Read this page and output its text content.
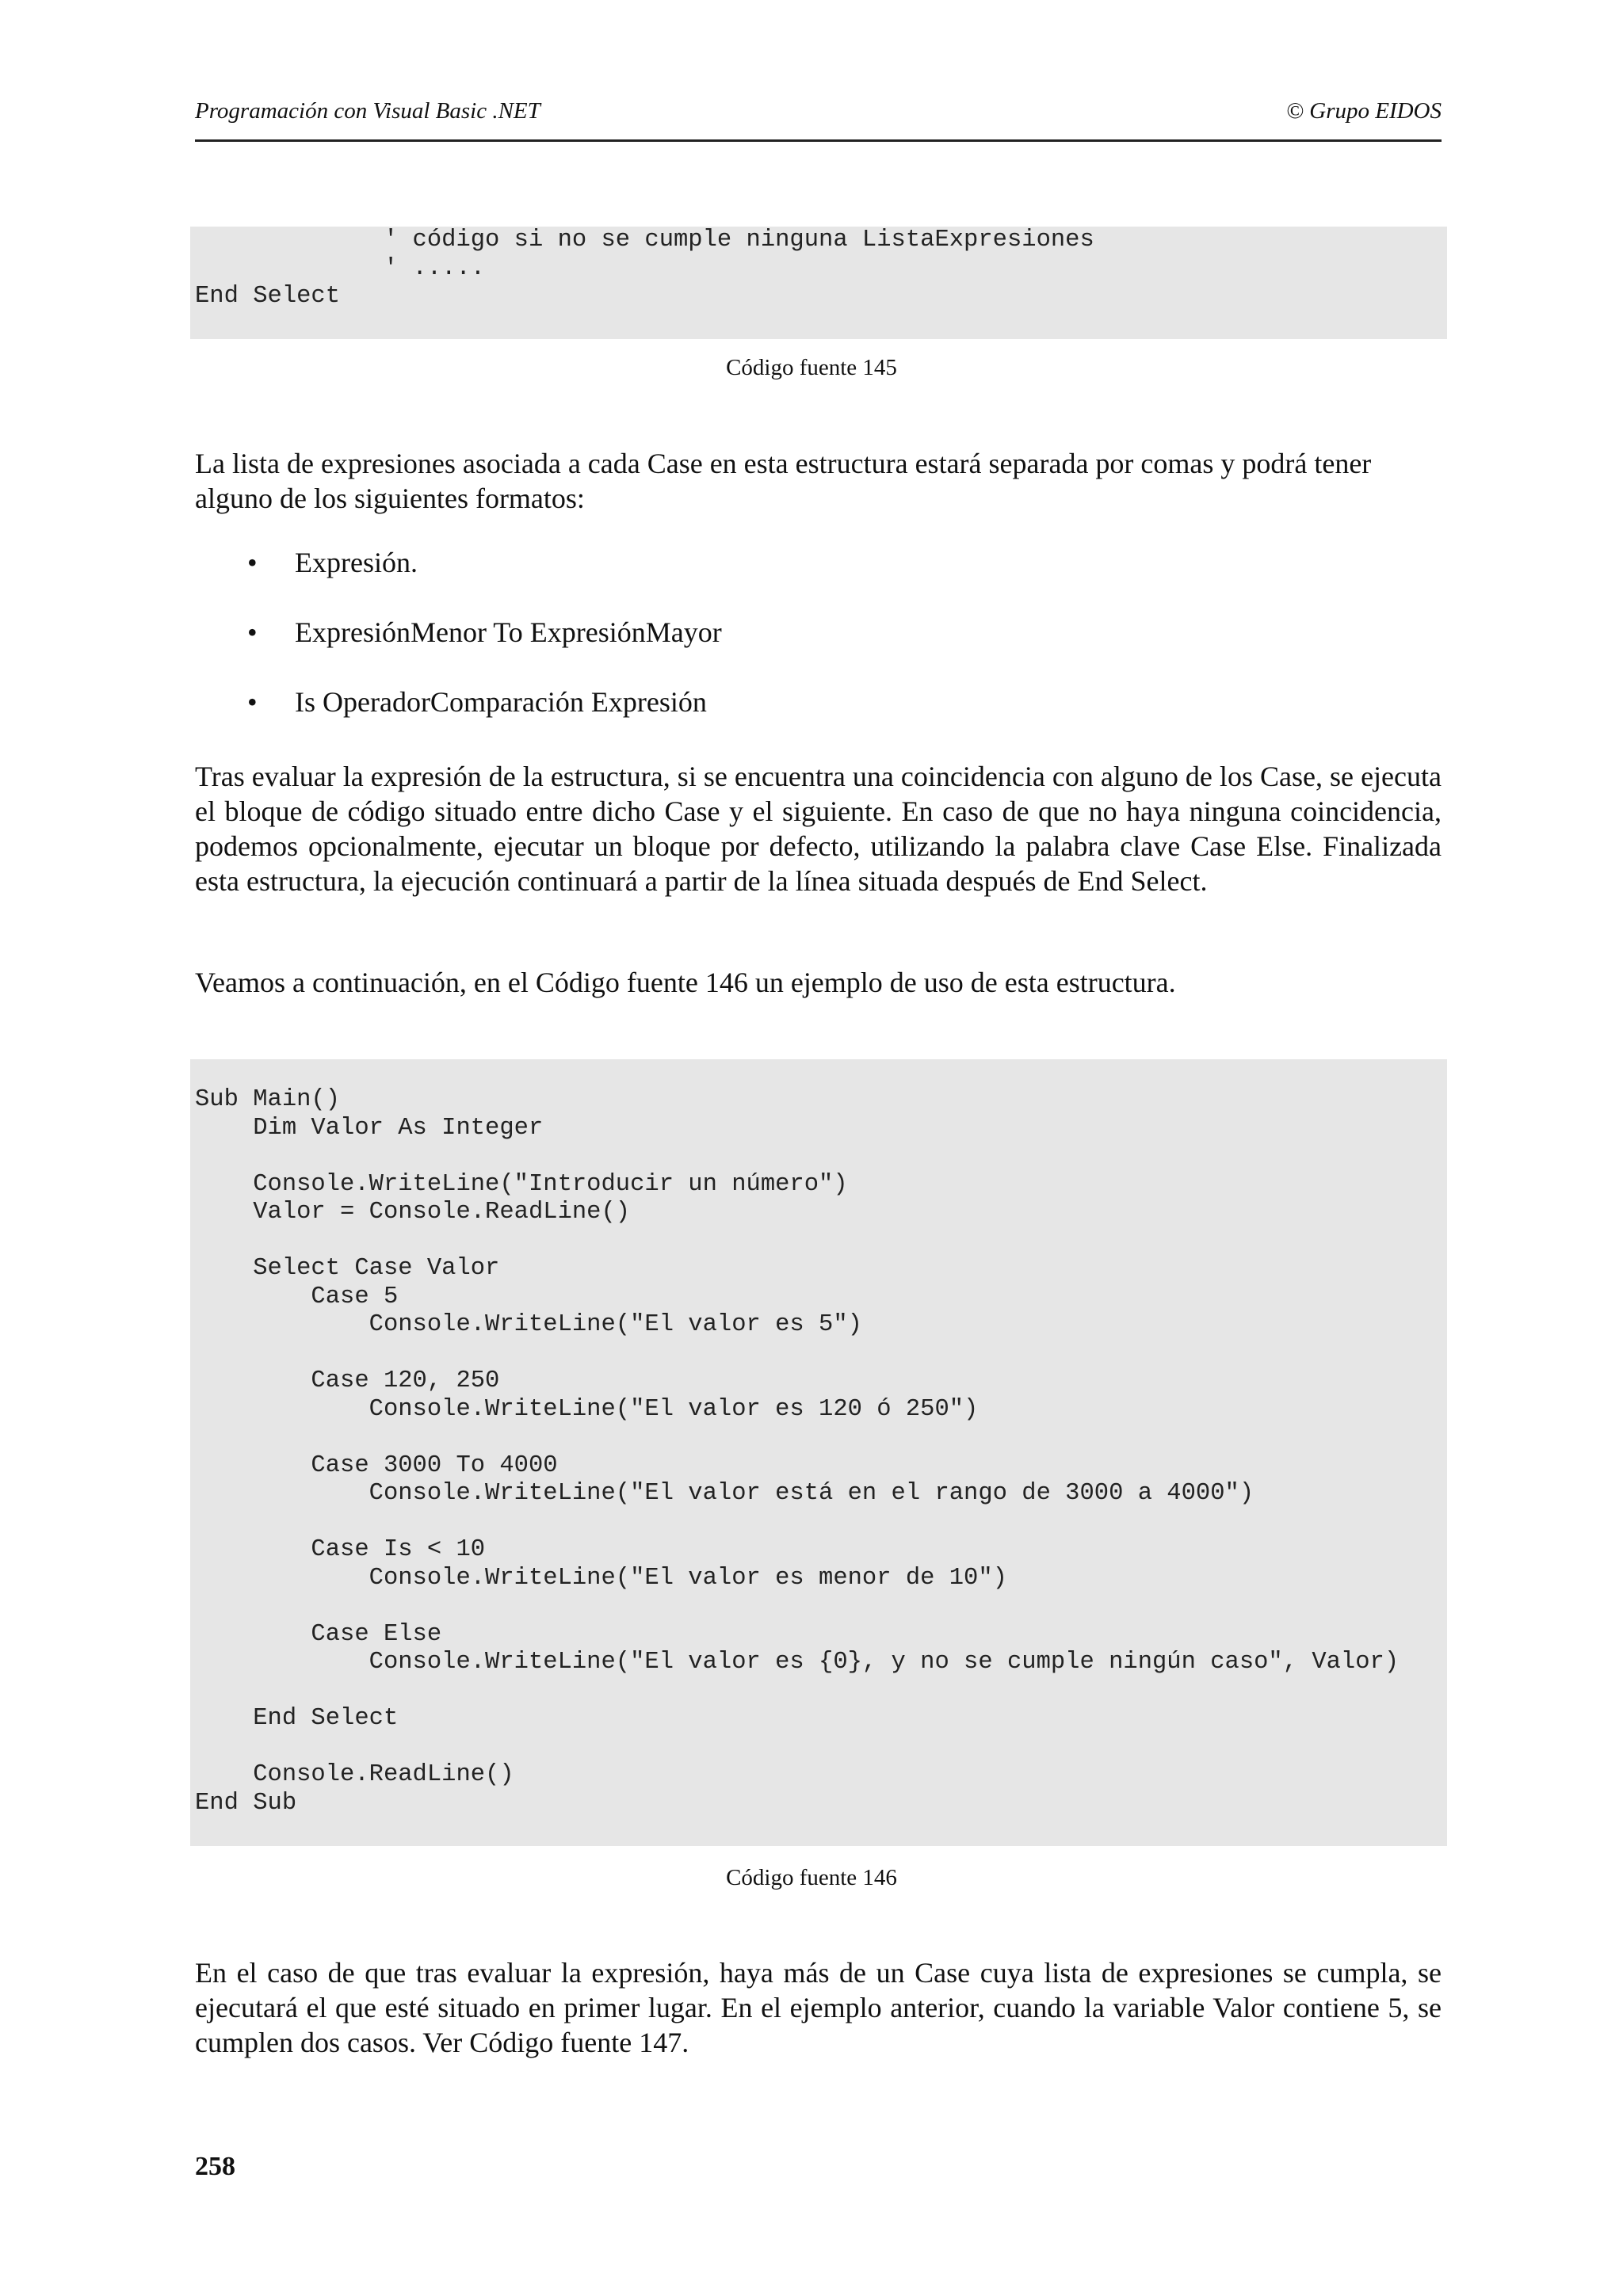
Programación con Visual Basic .NET	© Grupo EIDOS
' código si no se cumple ninguna ListaExpresiones
' .....
End Select
Código fuente 145

La lista de expresiones asociada a cada Case en esta estructura estará separada por comas y podrá tener alguno de los siguientes formatos:

• Expresión.
• ExpresiónMenor To ExpresiónMayor
• Is OperadorComparación Expresión

Tras evaluar la expresión de la estructura, si se encuentra una coincidencia con alguno de los Case, se ejecuta el bloque de código situado entre dicho Case y el siguiente. En caso de que no haya ninguna coincidencia, podemos opcionalmente, ejecutar un bloque por defecto, utilizando la palabra clave Case Else. Finalizada esta estructura, la ejecución continuará a partir de la línea situada después de End Select.

Veamos a continuación, en el Código fuente 146 un ejemplo de uso de esta estructura.

Sub Main()
Dim Valor As Integer

Console.WriteLine("Introducir un número")
Valor = Console.ReadLine()

Select Case Valor
Case 5
Console.WriteLine("El valor es 5")

Case 120, 250
Console.WriteLine("El valor es 120 ó 250")

Case 3000 To 4000
Console.WriteLine("El valor está en el rango de 3000 a 4000")

Case Is < 10
Console.WriteLine("El valor es menor de 10")

Case Else
Console.WriteLine("El valor es {0}, y no se cumple ningún caso", Valor)

End Select

Console.ReadLine()
End Sub
Código fuente 146

En el caso de que tras evaluar la expresión, haya más de un Case cuya lista de expresiones se cumpla, se ejecutará el que esté situado en primer lugar. En el ejemplo anterior, cuando la variable Valor contiene 5, se cumplen dos casos. Ver Código fuente 147.

258
